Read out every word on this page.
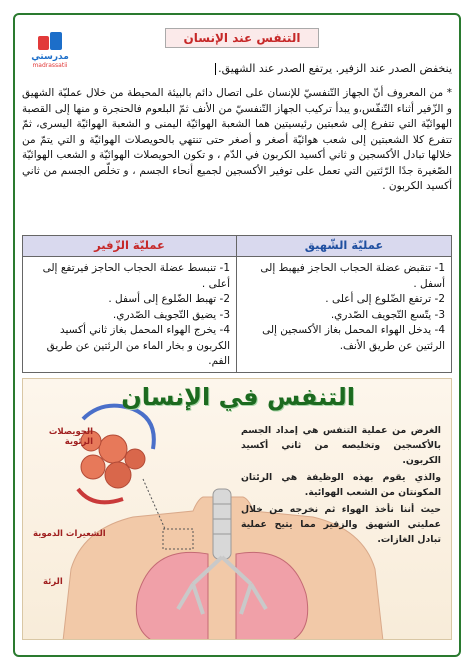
مدرستي
madrassatii
التنفس عند الإنسان
ينخفض الصدر عند الزفير. يرتفع الصدر عند الشهيق.
* من المعروف أنّ الجهاز التّنفسيّ للإنسان على اتصال دائم بالبيئة المحيطة من خلال عمليّة الشهيق و الزّفير أثناء التّنفّس،و يبدأ تركيب الجهاز التّنفسيّ من الأنف ثمّ البلعوم فالحنجرة و منها إلى القصبة الهوائيّة التي تتفرع إلى شعبتين رئيسيتين هما الشعبة الهوائيّة اليمنى و الشعبة الهوائيّة اليسرى، ثمّ تتفرع كلا الشعبتين إلى شعب هوائيّة أصغر و أصغر حتى تنتهي بالحويصلات الهوائيّة و التي يتمّ من خلالها تبادل الأكسجين و ثاني أكسيد الكربون في الدّم ، و تكون الحويصلات الهوائيّة و الشعب الهوائيّة الصّغيرة جدًا الرّئتين التي تعمل على توفير الأكسجين لجميع أنحاء الجسم ، و تخلّص الجسم من ثاني أكسيد الكربون .
عمليّة الشّهيق
1- تنقبض عضلة الحجاب الحاجز فيهبط إلى أسفل .
2- ترتفع الضّلوع إلى أعلى .
3- يتّسع التّجويف الصّدري.
4- يدخل الهواء المحمل بغاز الأكسجين إلى الرئتين عن طريق الأنف.
عمليّة الزّفير
1- تنبسط عضلة الحجاب الحاجز فيرتفع إلى أعلى .
2- تهبط الضّلوع إلى أسفل .
3- يضيق التّجويف الصّدري.
4- يخرج الهواء المحمل بغاز ثاني أكسيد الكربون و بخار الماء من الرئتين عن طريق الفم.
التنفس في الإنسان

الغرض من عملية التنفس هي إمداد الجسم بالأكسجين وتخليصه من ثاني أكسيد الكربون.

والذي يقوم بهذه الوظيفة هي الرئتان المكونتان من الشعب الهوائية.

حيث أننا نأخذ الهواء ثم نخرجه من خلال عمليتي الشهيق والزفير مما يتيح عملية تبادل الغازات.

الحويصلات الرئوية
الشعيرات الدموية
الرئة
